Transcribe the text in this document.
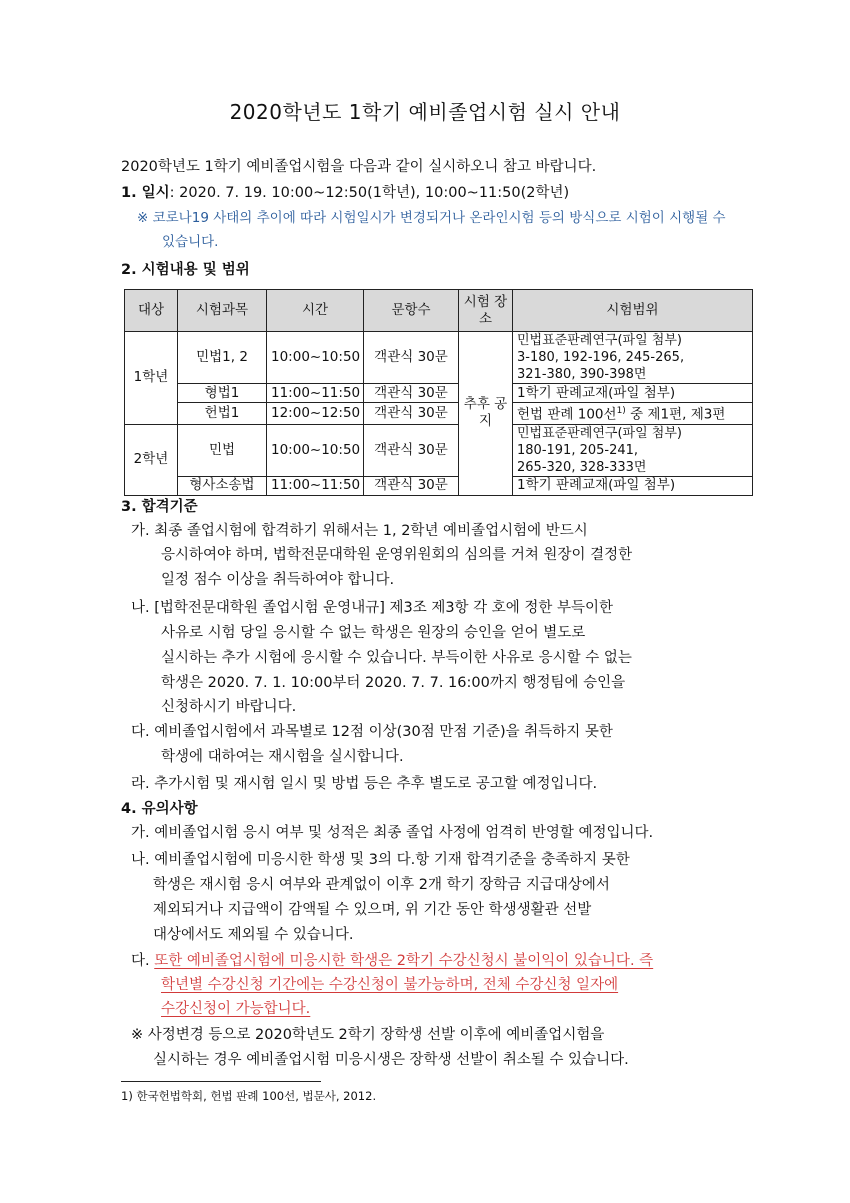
2020학년도 1학기 예비졸업시험 실시 안내
2020학년도 1학기 예비졸업시험을 다음과 같이 실시하오니 참고 바랍니다.
1. 일시: 2020. 7. 19. 10:00~12:50(1학년), 10:00~11:50(2학년)
※ 코로나19 사태의 추이에 따라 시험일시가 변경되거나 온라인시험 등의 방식으로 시험이 시행될 수
있습니다.
2. 시험내용 및 범위
대상	시험과목	시간	문항수	시험 장소	시험범위
1학년	민법1, 2	10:00~10:50	객관식 30문	추후 공지	민법표준판례연구(파일 첨부)
3-180, 192-196, 245-265,
321-380, 390-398면

	형법1	11:00~11:50	객관식 30문		1학기 판례교재(파일 첨부)
	헌법1	12:00~12:50	객관식 30문		헌법 판례 100선$^{1)}$ 중 제1편, 제3편
2학년	민법	10:00~10:50	객관식 30문		민법표준판례연구(파일 첨부)
180-191, 205-241,
265-320, 328-333면

	형사소송법	11:00~11:50	객관식 30문		1학기 판례교재(파일 첨부)
3. 합격기준
가. 최종 졸업시험에 합격하기 위해서는 1, 2학년 예비졸업시험에 반드시
응시하여야 하며, 법학전문대학원 운영위원회의 심의를 거쳐 원장이 결정한
일정 점수 이상을 취득하여야 합니다.
나. [법학전문대학원 졸업시험 운영내규] 제3조 제3항 각 호에 정한 부득이한
사유로 시험 당일 응시할 수 없는 학생은 원장의 승인을 얻어 별도로
실시하는 추가 시험에 응시할 수 있습니다. 부득이한 사유로 응시할 수 없는
학생은 2020. 7. 1. 10:00부터 2020. 7. 7. 16:00까지 행정팀에 승인을
신청하시기 바랍니다.
다. 예비졸업시험에서 과목별로 12점 이상(30점 만점 기준)을 취득하지 못한
학생에 대하여는 재시험을 실시합니다.
라. 추가시험 및 재시험 일시 및 방법 등은 추후 별도로 공고할 예정입니다.
4. 유의사항
가. 예비졸업시험 응시 여부 및 성적은 최종 졸업 사정에 엄격히 반영할 예정입니다.
나. 예비졸업시험에 미응시한 학생 및 3의 다.항 기재 합격기준을 충족하지 못한
학생은 재시험 응시 여부와 관계없이 이후 2개 학기 장학금 지급대상에서
제외되거나 지급액이 감액될 수 있으며, 위 기간 동안 학생생활관 선발
대상에서도 제외될 수 있습니다.
다. 또한 예비졸업시험에 미응시한 학생은 2학기 수강신청시 불이익이 있습니다. 즉
학년별 수강신청 기간에는 수강신청이 불가능하며, 전체 수강신청 일자에
수강신청이 가능합니다.
※ 사정변경 등으로 2020학년도 2학기 장학생 선발 이후에 예비졸업시험을
실시하는 경우 예비졸업시험 미응시생은 장학생 선발이 취소될 수 있습니다.
1) 한국헌법학회, 헌법 판례 100선, 법문사, 2012.
